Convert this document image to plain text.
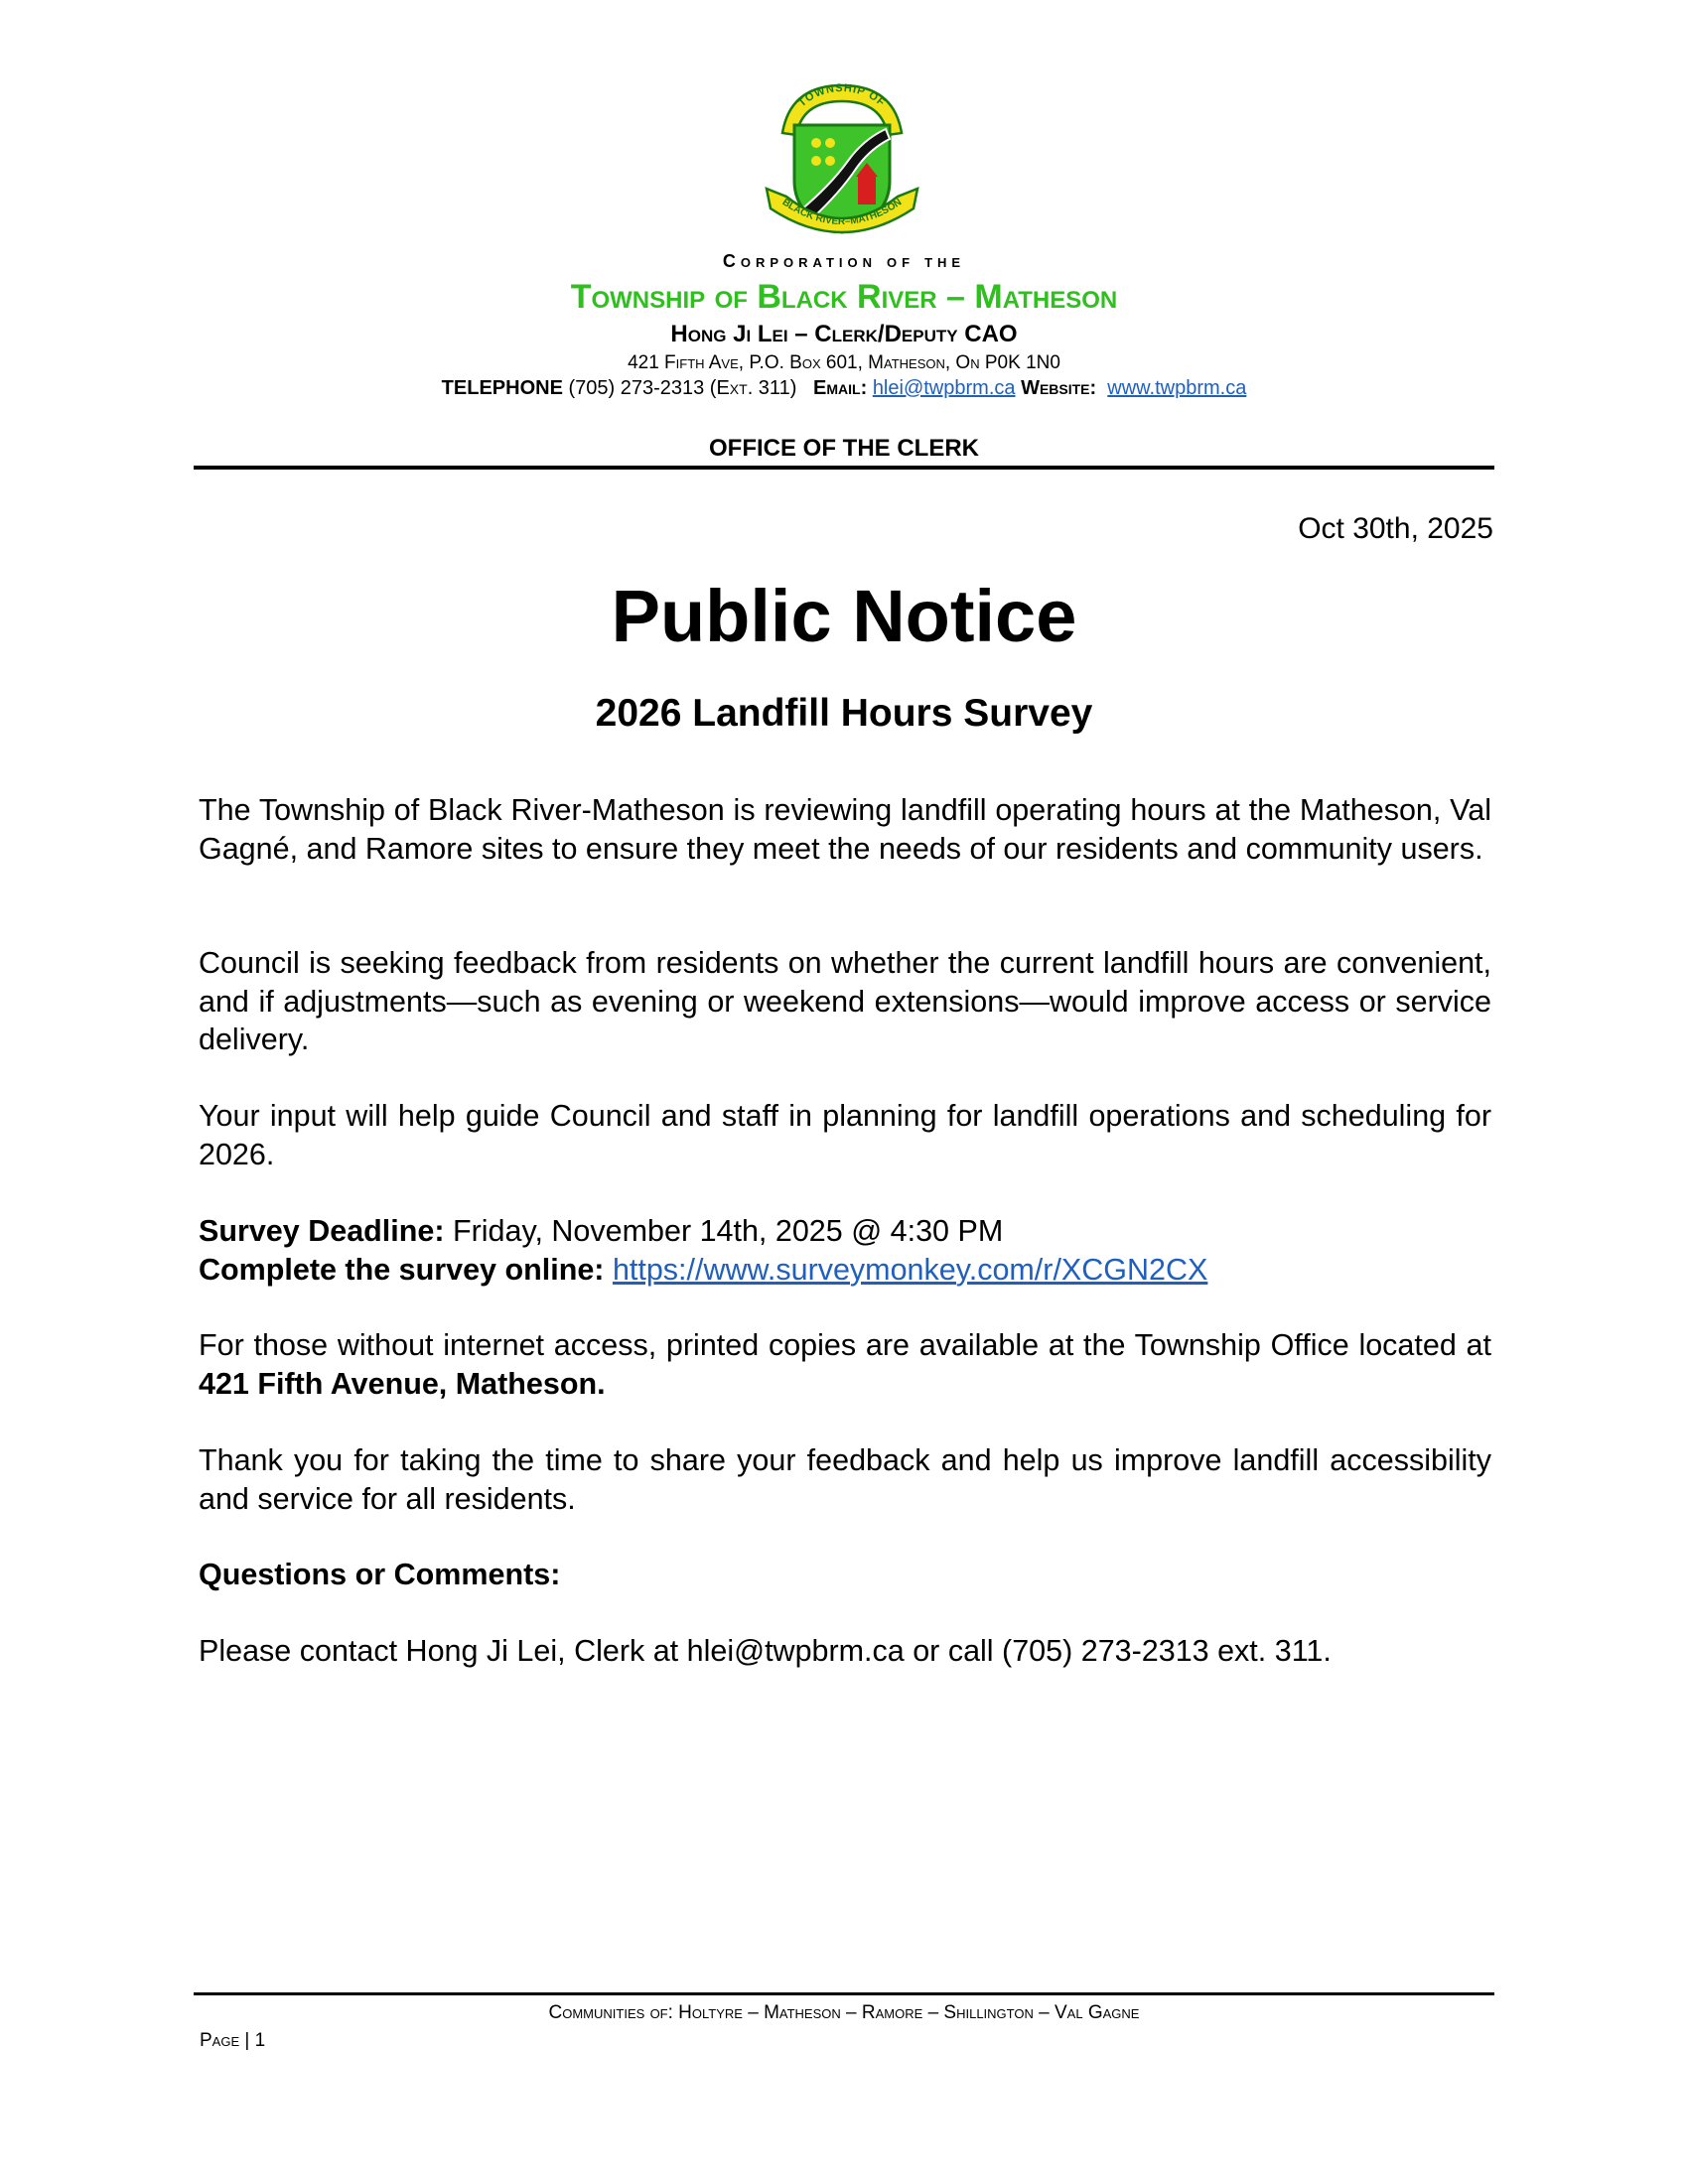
TOWNSHIP OF
BLACK RIVER–MATHESON
Corporation of the
Township of Black River – Matheson
Hong Ji Lei – Clerk/Deputy CAO
421 Fifth Ave, P.O. Box 601, Matheson, On P0K 1N0
TELEPHONE (705) 273-2313 (Ext. 311) Email: hlei@twpbrm.ca Website: www.twpbrm.ca
OFFICE OF THE CLERK
Oct 30th, 2025
Public Notice
2026 Landfill Hours Survey
The Township of Black River-Matheson is reviewing landfill operating hours at the Matheson, Val Gagné, and Ramore sites to ensure they meet the needs of our residents and community users.
Council is seeking feedback from residents on whether the current landfill hours are convenient, and if adjustments—such as evening or weekend extensions—would improve access or service delivery.
Your input will help guide Council and staff in planning for landfill operations and scheduling for 2026.
Survey Deadline: Friday, November 14th, 2025 @ 4:30 PM
Complete the survey online: https://www.surveymonkey.com/r/XCGN2CX
For those without internet access, printed copies are available at the Township Office located at 421 Fifth Avenue, Matheson.
Thank you for taking the time to share your feedback and help us improve landfill accessibility and service for all residents.
Questions or Comments:
Please contact Hong Ji Lei, Clerk at hlei@twpbrm.ca or call (705) 273-2313 ext. 311.
Communities of: Holtyre – Matheson – Ramore – Shillington – Val Gagne
Page | 1
